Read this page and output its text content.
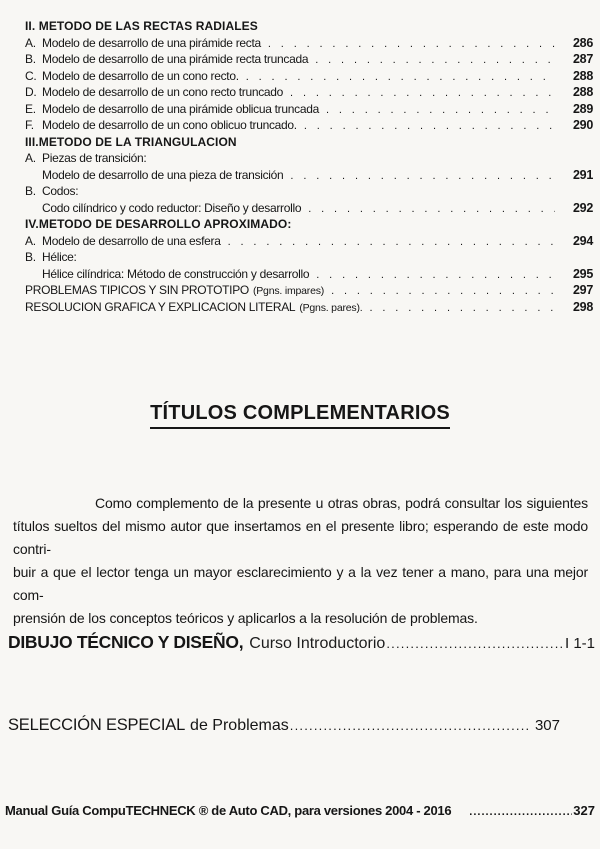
II. METODO DE LAS RECTAS RADIALES
A. Modelo de desarrollo de una pirámide recta . . .	286
B. Modelo de desarrollo de una pirámide recta truncada . . .	287
C. Modelo de desarrollo de un cono recto. . . .	288
D. Modelo de desarrollo de un cono recto truncado . . .	288
E. Modelo de desarrollo de una pirámide oblicua truncada . . .	289
F. Modelo de desarrollo de un cono oblicuo truncado. . . .	290
III.METODO DE LA TRIANGULACION
A. Piezas de transición:
Modelo de desarrollo de una pieza de transición . . .	291
B. Codos:
Codo cilíndrico y codo reductor: Diseño y desarrollo . . .	292
IV.METODO DE DESARROLLO APROXIMADO:
A. Modelo de desarrollo de una esfera . . .	294
B. Hélice:
Hélice cilíndrica: Método de construcción y desarrollo . . .	295
PROBLEMAS TIPICOS Y SIN PROTOTIPO (Pgns. impares) . . .	297
RESOLUCION GRAFICA Y EXPLICACION LITERAL (Pgns. pares). . . .	298
TÍTULOS COMPLEMENTARIOS
Como complemento de la presente u otras obras, podrá consultar los siguientes
títulos sueltos del mismo autor que insertamos en el presente libro; esperando de este modo contri-
buir a que el lector tenga un mayor esclarecimiento y a la vez tener a mano, para una mejor com-
prensión de los conceptos teóricos y aplicarlos a la resolución de problemas.
DIBUJO TÉCNICO Y DISEÑO, Curso Introductorio .....	I 1-1
SELECCIÓN ESPECIAL de Problemas .....	307
Manual Guía CompuTECHNECK ® de Auto CAD, para versiones 2004 - 2016 .....	327
